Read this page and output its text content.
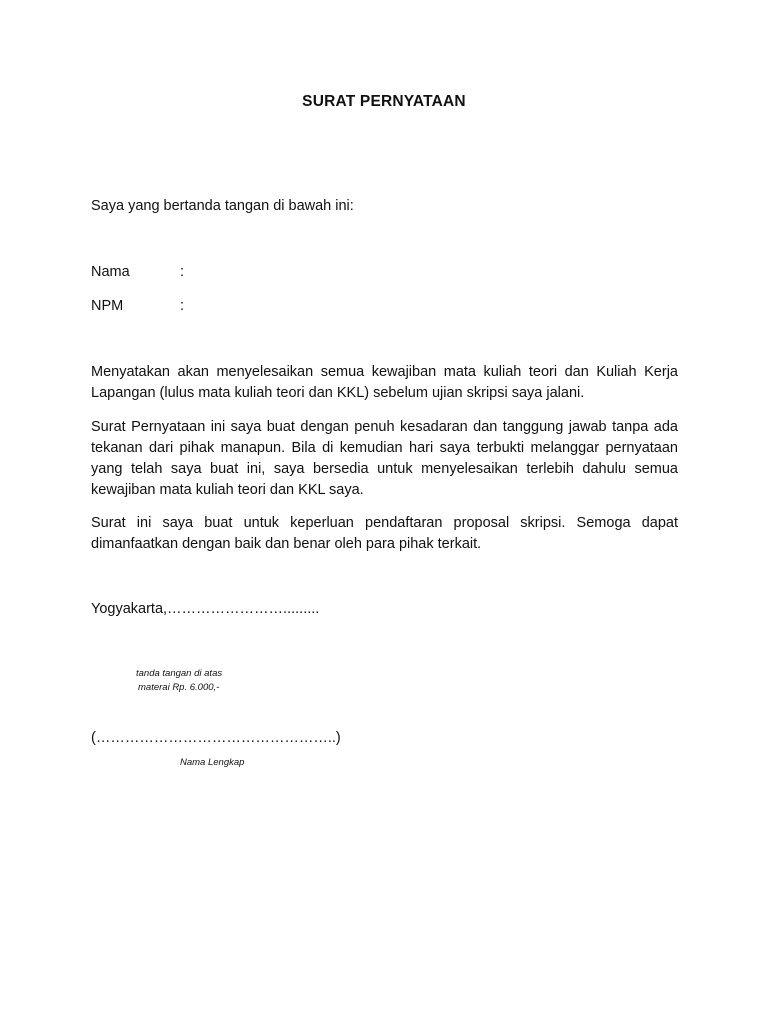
SURAT PERNYATAAN
Saya yang bertanda tangan di bawah ini:
Nama	:
NPM	:
Menyatakan akan menyelesaikan semua kewajiban mata kuliah teori dan Kuliah Kerja Lapangan (lulus mata kuliah teori dan KKL) sebelum ujian skripsi saya jalani.
Surat Pernyataan ini saya buat dengan penuh kesadaran dan tanggung jawab tanpa ada tekanan dari pihak manapun. Bila di kemudian hari saya terbukti melanggar pernyataan yang telah saya buat ini, saya bersedia untuk menyelesaikan terlebih dahulu semua kewajiban mata kuliah teori dan KKL saya.
Surat ini saya buat untuk keperluan pendaftaran proposal skripsi. Semoga dapat dimanfaatkan dengan baik dan benar oleh para pihak terkait.
Yogyakarta,…………………….........
tanda tangan di atas
materai Rp. 6.000,-
(…………………………………………..)
Nama Lengkap
